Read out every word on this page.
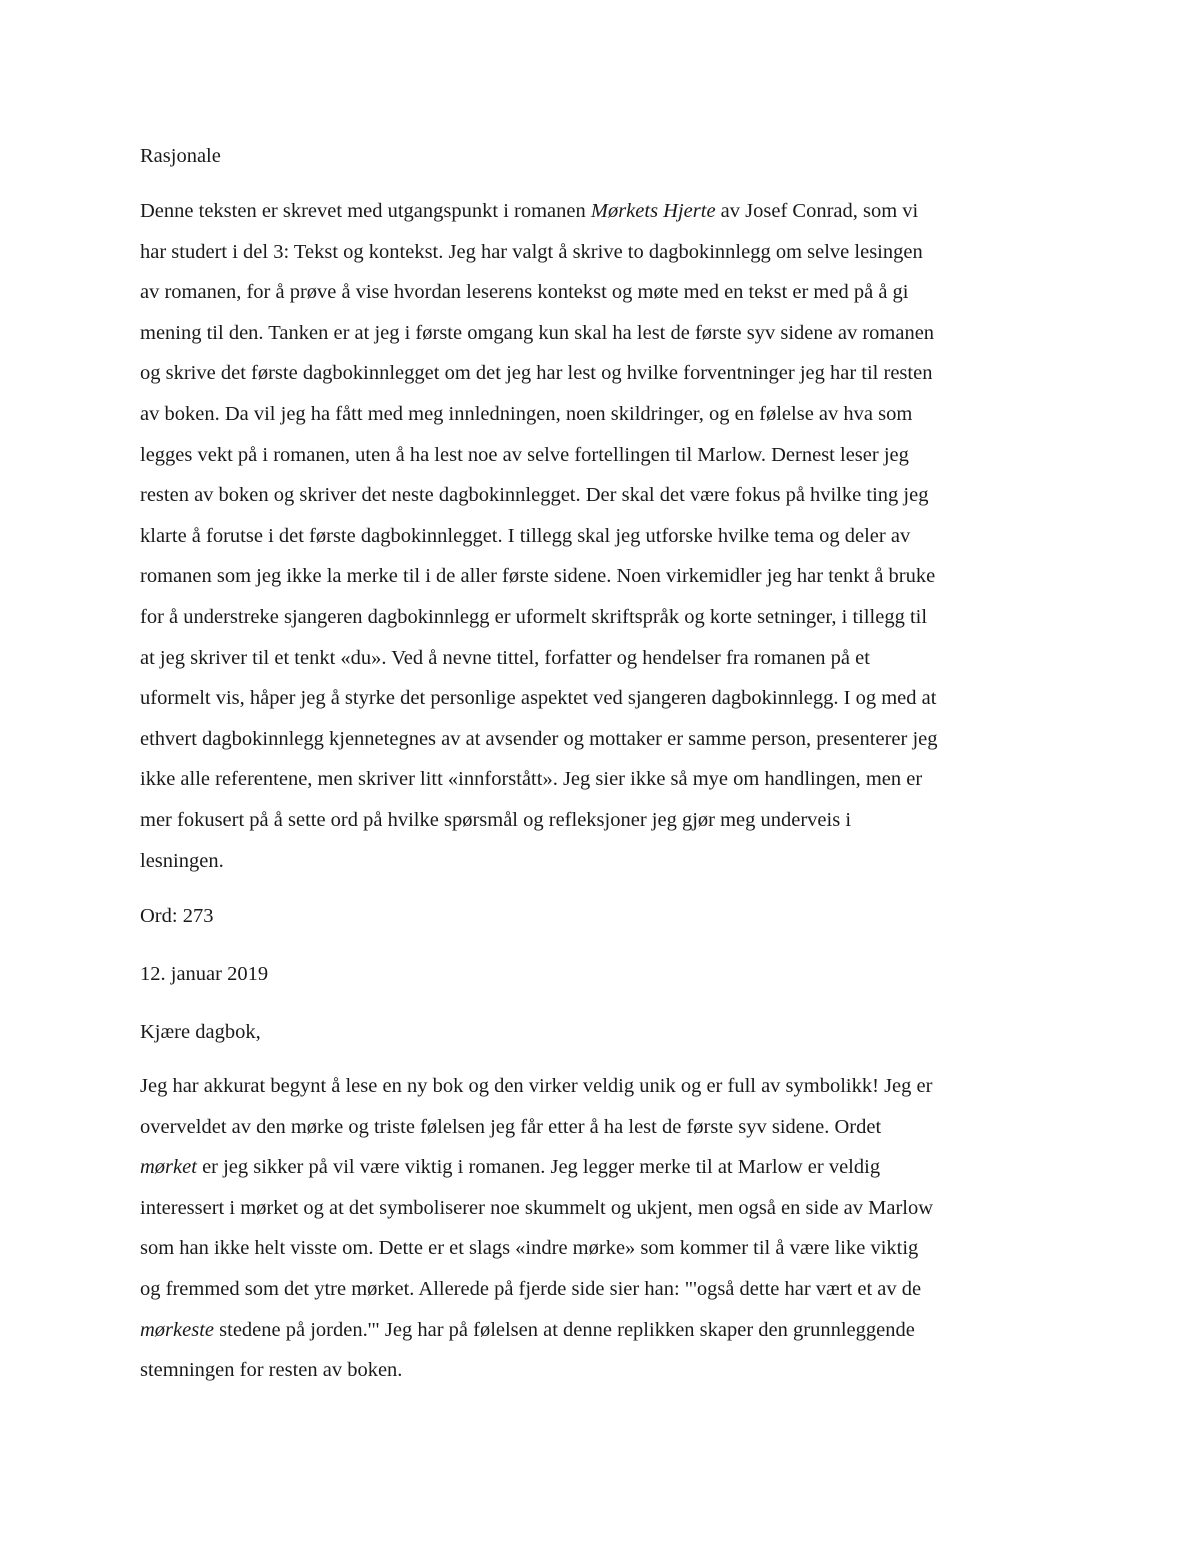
Rasjonale
Denne teksten er skrevet med utgangspunkt i romanen Mørkets Hjerte av Josef Conrad, som vi
har studert i del 3: Tekst og kontekst. Jeg har valgt å skrive to dagbokinnlegg om selve lesingen
av romanen, for å prøve å vise hvordan leserens kontekst og møte med en tekst er med på å gi
mening til den. Tanken er at jeg i første omgang kun skal ha lest de første syv sidene av romanen
og skrive det første dagbokinnlegget om det jeg har lest og hvilke forventninger jeg har til resten
av boken. Da vil jeg ha fått med meg innledningen, noen skildringer, og en følelse av hva som
legges vekt på i romanen, uten å ha lest noe av selve fortellingen til Marlow. Dernest leser jeg
resten av boken og skriver det neste dagbokinnlegget. Der skal det være fokus på hvilke ting jeg
klarte å forutse i det første dagbokinnlegget. I tillegg skal jeg utforske hvilke tema og deler av
romanen som jeg ikke la merke til i de aller første sidene. Noen virkemidler jeg har tenkt å bruke
for å understreke sjangeren dagbokinnlegg er uformelt skriftspråk og korte setninger, i tillegg til
at jeg skriver til et tenkt «du». Ved å nevne tittel, forfatter og hendelser fra romanen på et
uformelt vis, håper jeg å styrke det personlige aspektet ved sjangeren dagbokinnlegg. I og med at
ethvert dagbokinnlegg kjennetegnes av at avsender og mottaker er samme person, presenterer jeg
ikke alle referentene, men skriver litt «innforstått». Jeg sier ikke så mye om handlingen, men er
mer fokusert på å sette ord på hvilke spørsmål og refleksjoner jeg gjør meg underveis i
lesningen.
Ord: 273
12. januar 2019
Kjære dagbok,
Jeg har akkurat begynt å lese en ny bok og den virker veldig unik og er full av symbolikk! Jeg er
overveldet av den mørke og triste følelsen jeg får etter å ha lest de første syv sidene. Ordet
mørket er jeg sikker på vil være viktig i romanen. Jeg legger merke til at Marlow er veldig
interessert i mørket og at det symboliserer noe skummelt og ukjent, men også en side av Marlow
som han ikke helt visste om. Dette er et slags «indre mørke» som kommer til å være like viktig
og fremmed som det ytre mørket. Allerede på fjerde side sier han: "'også dette har vært et av de
mørkeste stedene på jorden.'" Jeg har på følelsen at denne replikken skaper den grunnleggende
stemningen for resten av boken.
